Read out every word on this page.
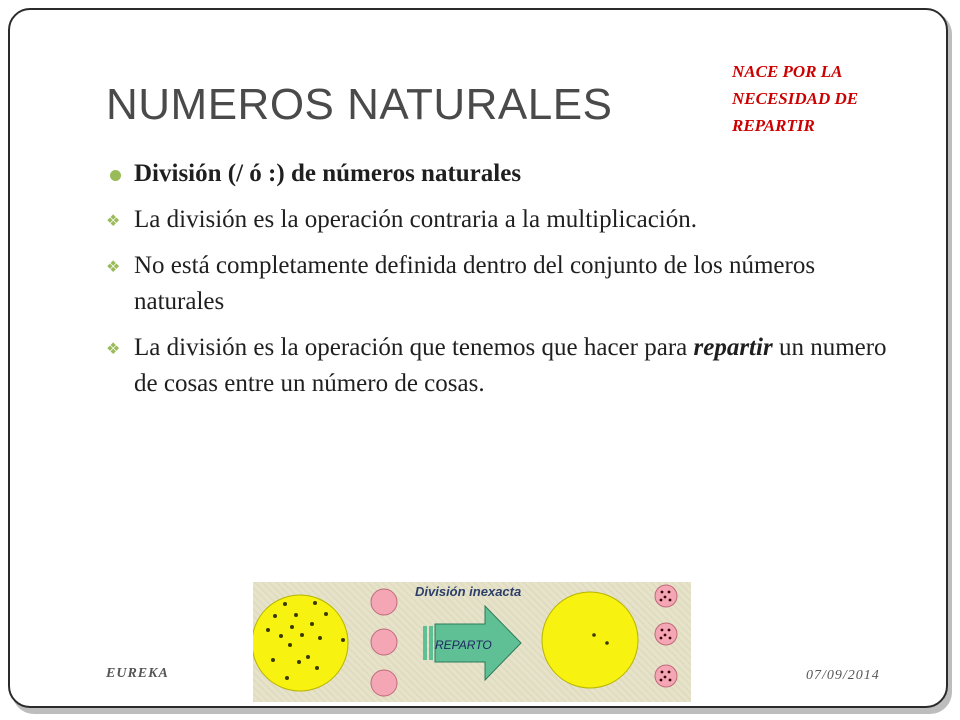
NUMEROS NATURALES
NACE POR LA NECESIDAD DE REPARTIR
División (/ ó :) de números naturales
❖ La división es la operación contraria a la multiplicación.
❖ No está completamente definida dentro del conjunto de los números naturales
❖ La división es la operación que tenemos que hacer para repartir un numero de cosas entre un número de cosas.
División inexacta
REPARTO
EUREKA	07/09/2014
